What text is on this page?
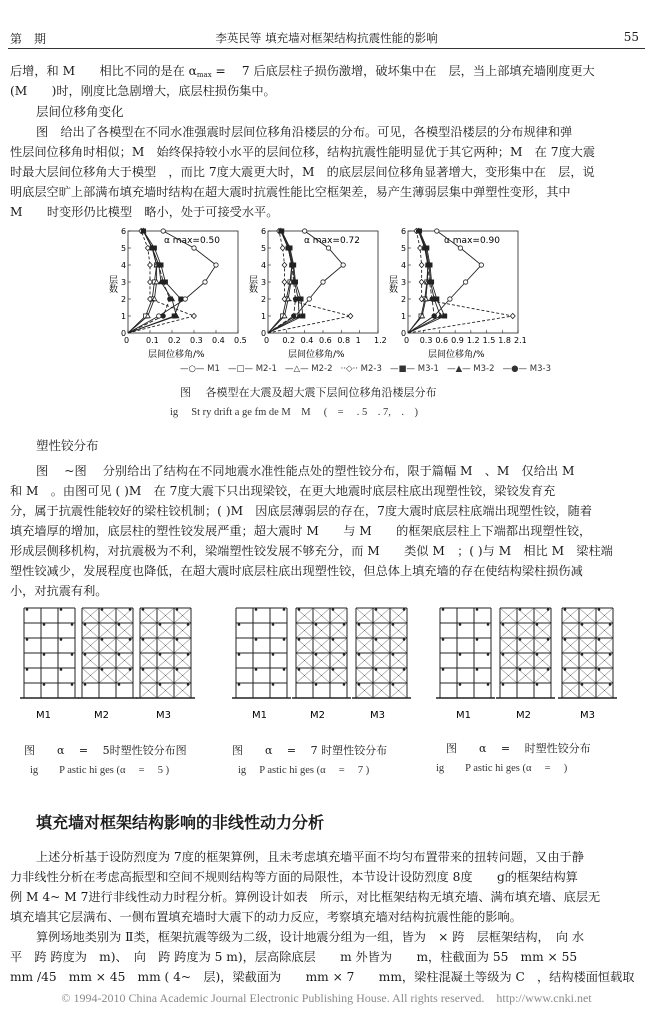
第　期	李英民等 填充墙对框架结构抗震性能的影响	55
后增，和 M　　相比不同的是在 αmax = 　7 后底层柱子损伤激增，破坏集中在　层，当上部填充墙刚度更大
(M　　)时，刚度比急剧增大，底层柱损伤集中。
层间位移角变化
图　给出了各模型在不同水准强震时层间位移角沿楼层的分布。可见，各模型沿楼层的分布规律和弹
性层间位移角时相似；M　始终保持较小水平的层间位移，结构抗震性能明显优于其它两种；M　在 7度大震
时最大层间位移角大于模型　，而比 7度大震更大时，M　的底层层间位移角显著增大，变形集中在　层，说
明底层空旷上部满布填充墙时结构在超大震时抗震性能比空框架差，易产生薄弱层集中弹塑性变形，其中
M　　时变形仍比模型　略小，处于可接受水平。
0
1
2
3
4
5
6
0 0.1 0.2 0.3 0.4 0.5
层数
层间位移角/%
α max=0.50
0
1
2
3
4
5
6
0 0.2 0.4 0.6 0.8 1 1.2
层数
层间位移角/%
α max=0.72
0
1
2
3
4
5
6
0 0.3 0.6 0.9 1.2 1.5 1.8 2.1
层数
层间位移角/%
α max=0.90
—○— M1 —□— M2-1 —△— M2-2 ··◇·· M2-3 —■— M3-1 —▲— M3-2 —●— M3-3
图　 各模型在大震及超大震下层间位移角沿楼层分布
ig　 St ry drift a ge fm de M　M　 (　= 　. 5　. 7,　.　)
塑性铰分布
图　 ~图　 分别给出了结构在不同地震水准性能点处的塑性铰分布，限于篇幅 M　、M　仅给出 M
和 M　。由图可见 ( )M　在 7度大震下只出现梁铰，在更大地震时底层柱底出现塑性铰，梁铰发育充
分，属于抗震性能较好的梁柱铰机制；( )M　因底层薄弱层的存在，7度大震时底层柱底端出现塑性铰，随着
填充墙厚的增加，底层柱的塑性铰发展严重；超大震时 M　　与 M　　的框架底层柱上下端都出现塑性铰，
形成层侧移机构，对抗震极为不利，梁端塑性铰发展不够充分，而 M　　类似 M　；( )与 M　相比 M　梁柱端
塑性铰减少，发展程度也降低，在超大震时底层柱底出现塑性铰，但总体上填充墙的存在使结构梁柱损伤减
小，对抗震有利。
M1	M2	M3	M1	M2	M3	M1	M2	M3
图　　α　 =　 5时塑性铰分布图
ig　　P astic hi ges (α　 =　 5 )
图　　α　 =　 7 时塑性铰分布
ig　 P astic hi ges (α　 =　 7 )
图　　α　 =　 时塑性铰分布
ig　　P astic hi ges (α　 =　 )
填充墙对框架结构影响的非线性动力分析
上述分析基于设防烈度为 7度的框架算例，且未考虑填充墙平面不均匀布置带来的扭转问题，又由于静
力非线性分析在考虑高振型和空间不规则结构等方面的局限性，本节设计设防烈度 8度　　g的框架结构算
例 M 4~ M 7进行非线性动力时程分析。算例设计如表　所示，对比框架结构无填充墙、满布填充墙、底层无
填充墙其它层满布、一侧布置填充墙时大震下的动力反应，考察填充墙对结构抗震性能的影响。
算例场地类别为 Ⅱ类，框架抗震等级为二级，设计地震分组为一组，皆为　× 跨　层框架结构，　向 水
平　跨 跨度为　m)、　向　跨 跨度为 5 m)，层高除底层　　m 外皆为　　m，柱截面为 55　mm × 55
mm /45　mm × 45　mm ( 4~　层)，梁截面为　　mm × 7　　mm，梁柱混凝土等级为 C　，结构楼面恒载取
© 1994-2010 China Academic Journal Electronic Publishing House. All rights reserved.　http://www.cnki.net
